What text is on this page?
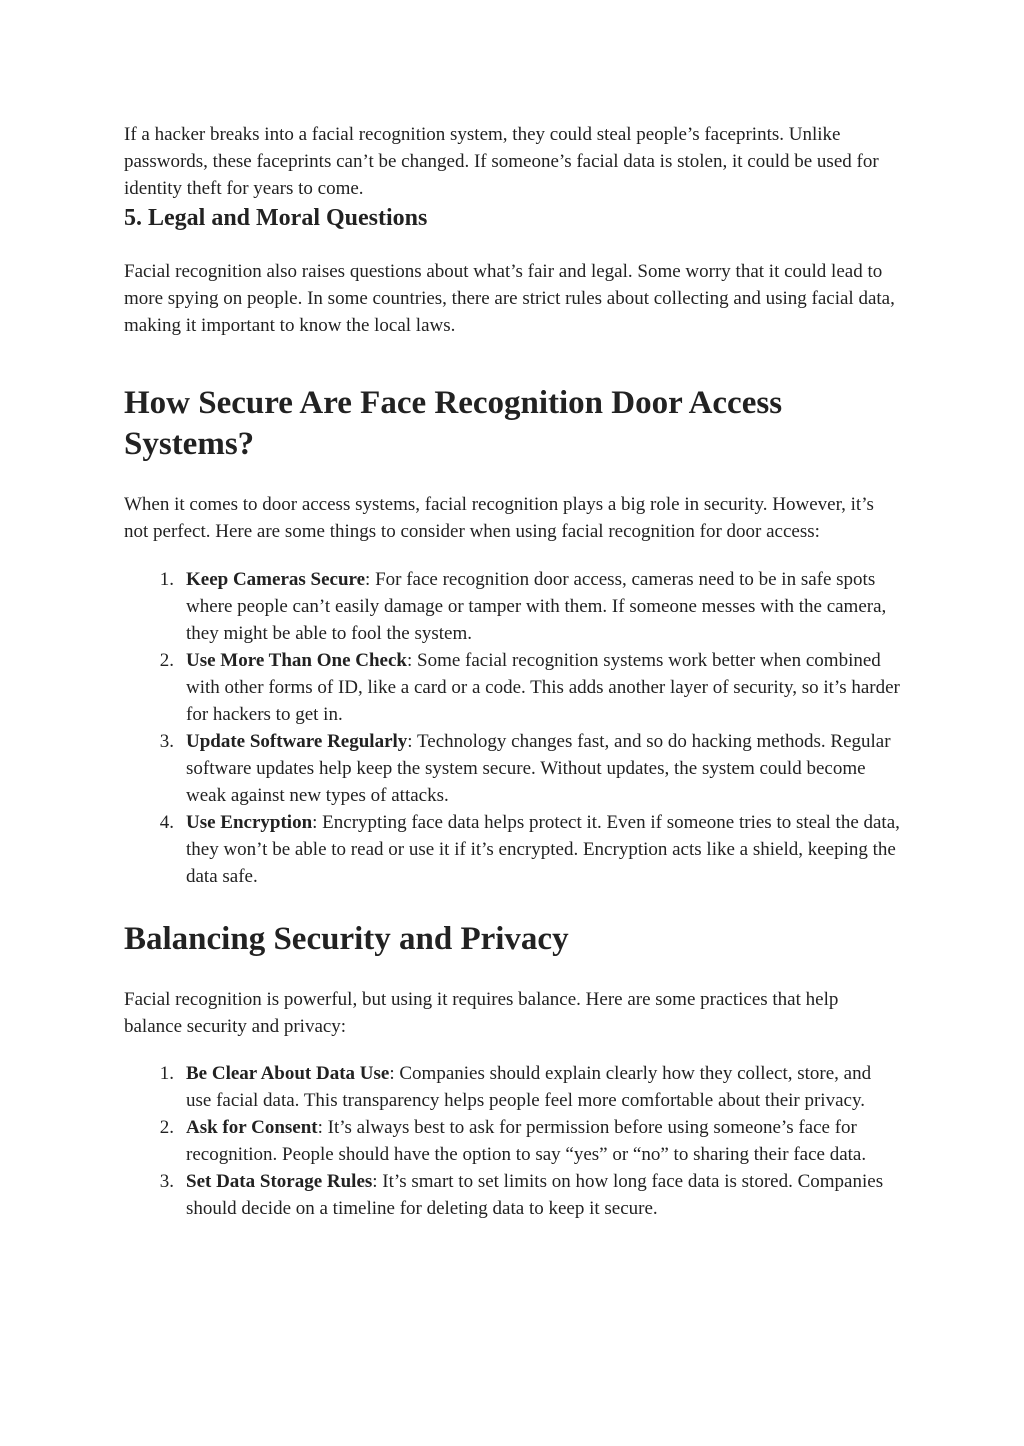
If a hacker breaks into a facial recognition system, they could steal people’s faceprints. Unlike passwords, these faceprints can’t be changed. If someone’s facial data is stolen, it could be used for identity theft for years to come.

5. Legal and Moral Questions

Facial recognition also raises questions about what’s fair and legal. Some worry that it could lead to more spying on people. In some countries, there are strict rules about collecting and using facial data, making it important to know the local laws.

How Secure Are Face Recognition Door Access Systems?

When it comes to door access systems, facial recognition plays a big role in security. However, it’s not perfect. Here are some things to consider when using facial recognition for door access:

1. Keep Cameras Secure: For face recognition door access, cameras need to be in safe spots where people can’t easily damage or tamper with them. If someone messes with the camera, they might be able to fool the system.
2. Use More Than One Check: Some facial recognition systems work better when combined with other forms of ID, like a card or a code. This adds another layer of security, so it’s harder for hackers to get in.
3. Update Software Regularly: Technology changes fast, and so do hacking methods. Regular software updates help keep the system secure. Without updates, the system could become weak against new types of attacks.
4. Use Encryption: Encrypting face data helps protect it. Even if someone tries to steal the data, they won’t be able to read or use it if it’s encrypted. Encryption acts like a shield, keeping the data safe.
Balancing Security and Privacy

Facial recognition is powerful, but using it requires balance. Here are some practices that help balance security and privacy:

1. Be Clear About Data Use: Companies should explain clearly how they collect, store, and use facial data. This transparency helps people feel more comfortable about their privacy.
2. Ask for Consent: It’s always best to ask for permission before using someone’s face for recognition. People should have the option to say “yes” or “no” to sharing their face data.
3. Set Data Storage Rules: It’s smart to set limits on how long face data is stored. Companies should decide on a timeline for deleting data to keep it secure.
